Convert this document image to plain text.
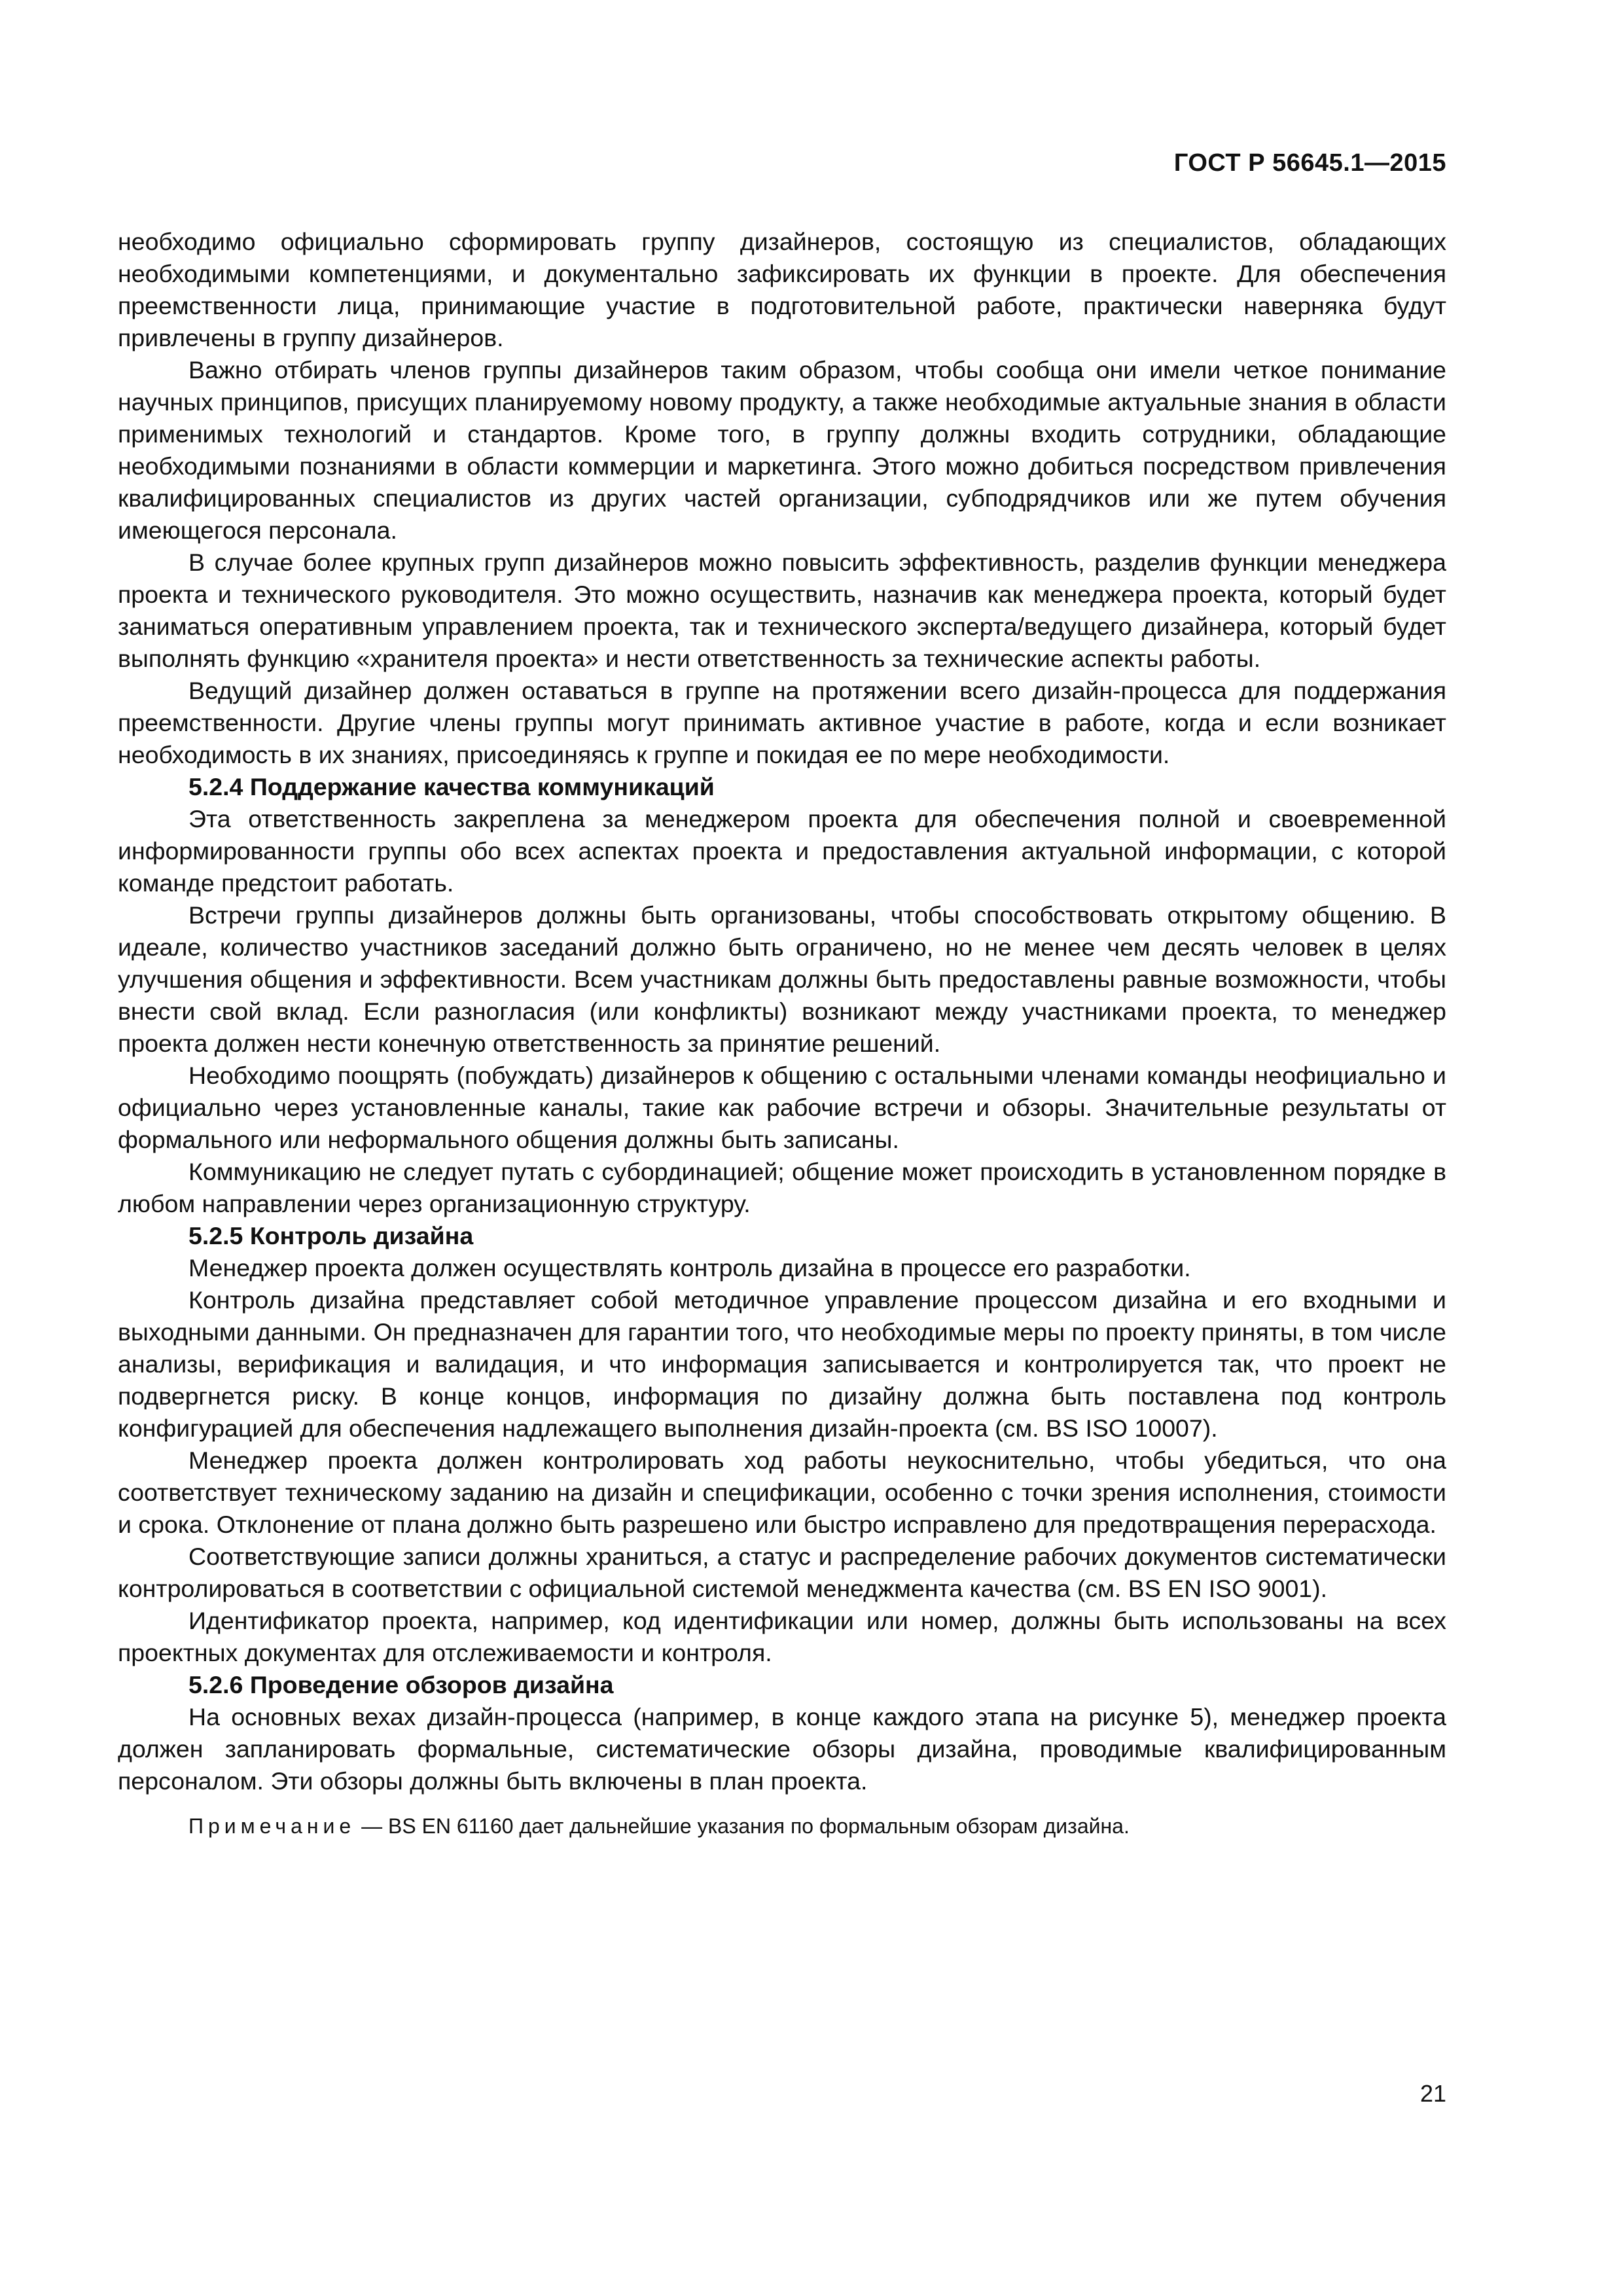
ГОСТ Р 56645.1—2015

необходимо официально сформировать группу дизайнеров, состоящую из специалистов, обладающих необходимыми компетенциями, и документально зафиксировать их функции в проекте. Для обеспечения преемственности лица, принимающие участие в подготовительной работе, практически наверняка будут привлечены в группу дизайнеров.

Важно отбирать членов группы дизайнеров таким образом, чтобы сообща они имели четкое понимание научных принципов, присущих планируемому новому продукту, а также необходимые актуальные знания в области применимых технологий и стандартов. Кроме того, в группу должны входить сотрудники, обладающие необходимыми познаниями в области коммерции и маркетинга. Этого можно добиться посредством привлечения квалифицированных специалистов из других частей организации, субподрядчиков или же путем обучения имеющегося персонала.

В случае более крупных групп дизайнеров можно повысить эффективность, разделив функции менеджера проекта и технического руководителя. Это можно осуществить, назначив как менеджера проекта, который будет заниматься оперативным управлением проекта, так и технического эксперта/ведущего дизайнера, который будет выполнять функцию «хранителя проекта» и нести ответственность за технические аспекты работы.

Ведущий дизайнер должен оставаться в группе на протяжении всего дизайн-процесса для поддержания преемственности. Другие члены группы могут принимать активное участие в работе, когда и если возникает необходимость в их знаниях, присоединяясь к группе и покидая ее по мере необходимости.

5.2.4 Поддержание качества коммуникаций

Эта ответственность закреплена за менеджером проекта для обеспечения полной и своевременной информированности группы обо всех аспектах проекта и предоставления актуальной информации, с которой команде предстоит работать.

Встречи группы дизайнеров должны быть организованы, чтобы способствовать открытому общению. В идеале, количество участников заседаний должно быть ограничено, но не менее чем десять человек в целях улучшения общения и эффективности. Всем участникам должны быть предоставлены равные возможности, чтобы внести свой вклад. Если разногласия (или конфликты) возникают между участниками проекта, то менеджер проекта должен нести конечную ответственность за принятие решений.

Необходимо поощрять (побуждать) дизайнеров к общению с остальными членами команды неофициально и официально через установленные каналы, такие как рабочие встречи и обзоры. Значительные результаты от формального или неформального общения должны быть записаны.

Коммуникацию не следует путать с субординацией; общение может происходить в установленном порядке в любом направлении через организационную структуру.

5.2.5 Контроль дизайна

Менеджер проекта должен осуществлять контроль дизайна в процессе его разработки.

Контроль дизайна представляет собой методичное управление процессом дизайна и его входными и выходными данными. Он предназначен для гарантии того, что необходимые меры по проекту приняты, в том числе анализы, верификация и валидация, и что информация записывается и контролируется так, что проект не подвергнется риску. В конце концов, информация по дизайну должна быть поставлена под контроль конфигурацией для обеспечения надлежащего выполнения дизайн-проекта (см. BS ISO 10007).

Менеджер проекта должен контролировать ход работы неукоснительно, чтобы убедиться, что она соответствует техническому заданию на дизайн и спецификации, особенно с точки зрения исполнения, стоимости и срока. Отклонение от плана должно быть разрешено или быстро исправлено для предотвращения перерасхода.

Соответствующие записи должны храниться, а статус и распределение рабочих документов систематически контролироваться в соответствии с официальной системой менеджмента качества (см. BS EN ISO 9001).

Идентификатор проекта, например, код идентификации или номер, должны быть использованы на всех проектных документах для отслеживаемости и контроля.

5.2.6 Проведение обзоров дизайна

На основных вехах дизайн-процесса (например, в конце каждого этапа на рисунке 5), менеджер проекта должен запланировать формальные, систематические обзоры дизайна, проводимые квалифицированным персоналом. Эти обзоры должны быть включены в план проекта.

Примечание — BS EN 61160 дает дальнейшие указания по формальным обзорам дизайна.

21
